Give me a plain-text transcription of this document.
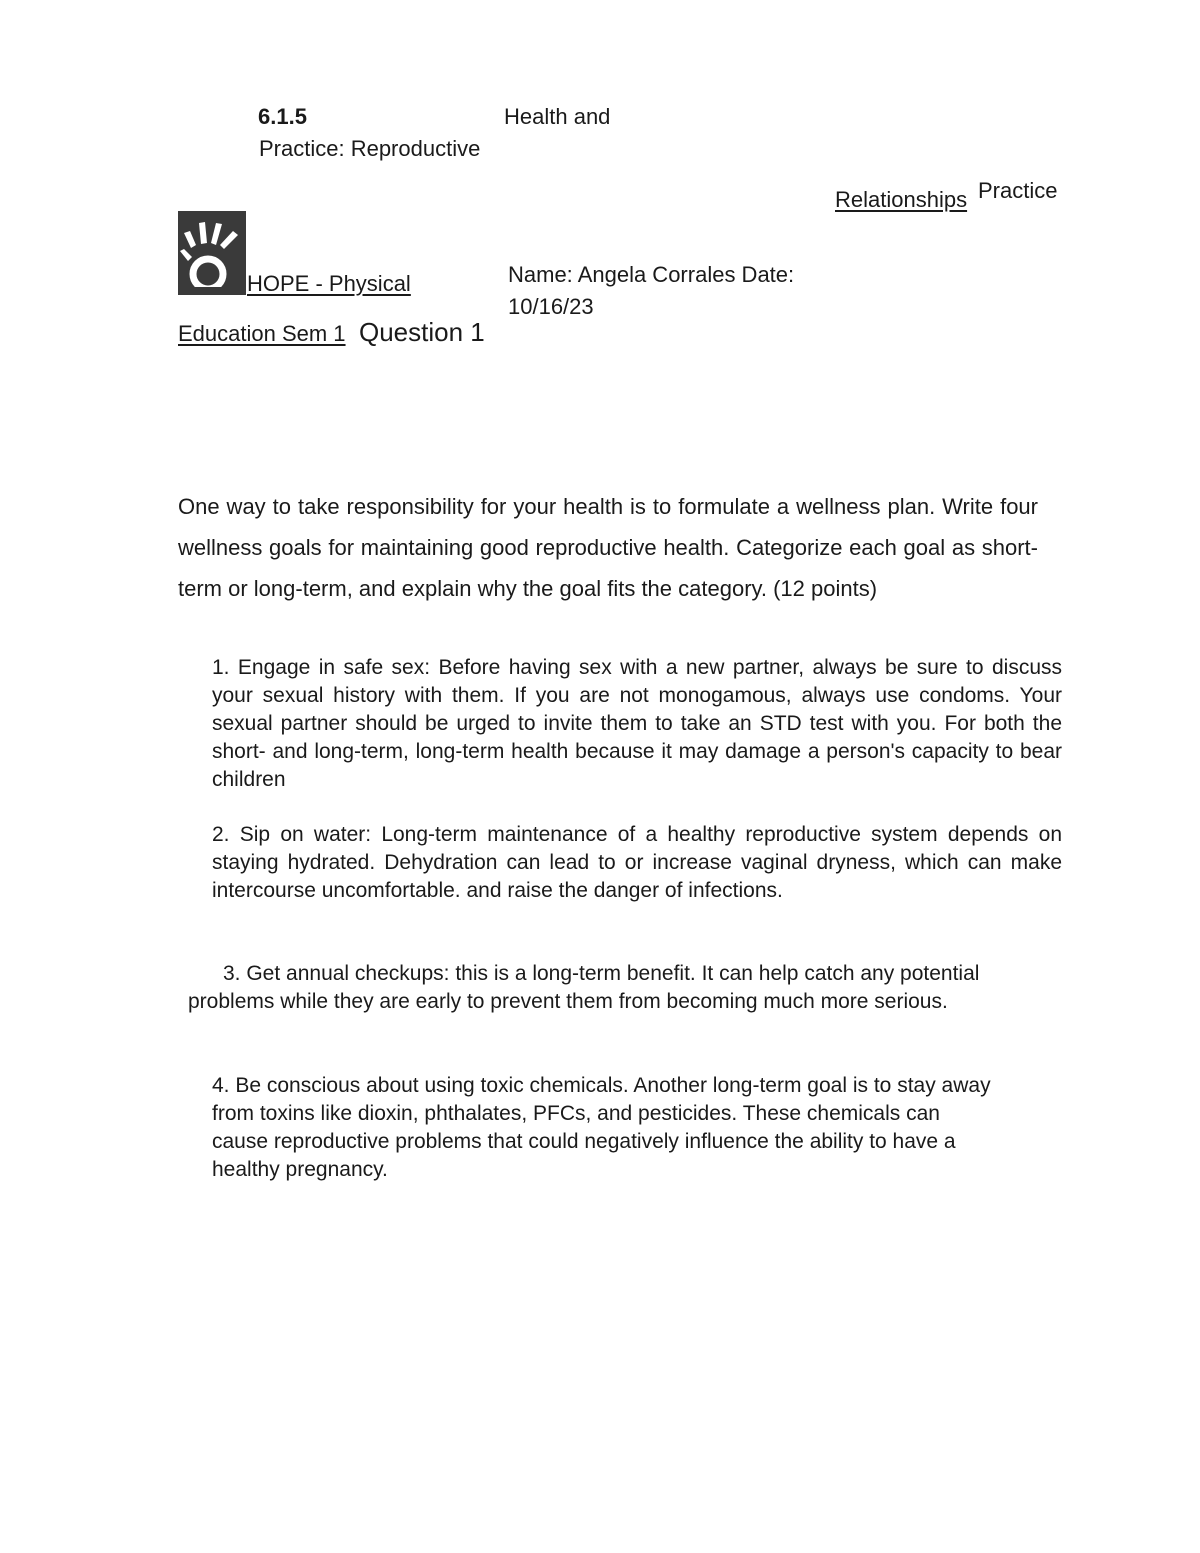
6.1.5	Health and
Practice: Reproductive
Relationships Practice
HOPE - Physical
Education Sem 1 Question 1
Name: Angela Corrales Date:
10/16/23
One way to take responsibility for your health is to formulate a wellness plan. Write four wellness goals for maintaining good reproductive health. Categorize each goal as short-term or long-term, and explain why the goal fits the category. (12 points)
1. Engage in safe sex: Before having sex with a new partner, always be sure to discuss your sexual history with them. If you are not monogamous, always use condoms. Your sexual partner should be urged to invite them to take an STD test with you. For both the short- and long-term, long-term health because it may damage a person's capacity to bear children
2. Sip on water: Long-term maintenance of a healthy reproductive system depends on staying hydrated. Dehydration can lead to or increase vaginal dryness, which can make intercourse uncomfortable. and raise the danger of infections.
3. Get annual checkups: this is a long-term benefit. It can help catch any potential problems while they are early to prevent them from becoming much more serious.
4. Be conscious about using toxic chemicals. Another long-term goal is to stay away from toxins like dioxin, phthalates, PFCs, and pesticides. These chemicals can cause reproductive problems that could negatively influence the ability to have a healthy pregnancy.
